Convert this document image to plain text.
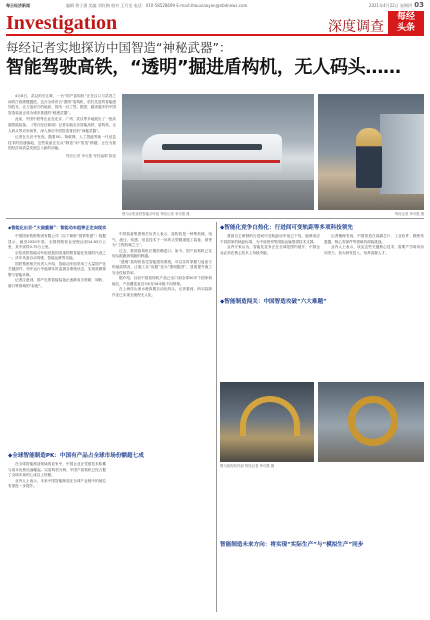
每日经济新闻	编辑 曾子建 美编 刘红梅 校对 王月龙 电话：010-58528699 E-mail:zhouxiaoyan@nbdnews.com	2021年4月22日 星期四 03
Investigation	深度调查
每经
头条
每经记者实地探访中国智造“神秘武器”：
智能驾驶高铁，“透明”掘进盾构机，无人码头……

4月8日，武汉的长江畔，一台“国产盾构机”正在汉口与武昌之间的江底缓慢掘进。这台全球首台“透明”盾构机，依托先进的智能感知技术，让刀盘前方的地质、管线一目了然。据悉，越来越多的中国智造装备正成为城市基建的“秘密武器”。

此前，中国中铁等企业在北京、广州、武汉等多地展出了一批高端智能装备。《每日经济新闻》记者实地走访智能高铁、盾构机、无人码头等应用场景，深入探访中国智造背后的“神秘武器”。

记者在走访中发现，随着5G、物联网、人工智能等新一代信息技术的加速落地，这些装备正在从“制造”向“智造”跨越，正在为我国经济高质量发展注入新的动能。

每经记者 李可愚 每经编辑 陈旭
图为京张高铁智能动车组 每经记者 李可愚 摄	每经记者 李可愚 摄
◆智能化出京·“大国重器”：智能动车组等正走向现实

中国国家铁路集团有限公司（以下简称“国铁集团”）数据显示，截至2020年底，全国铁路营业里程达到14.63万公里，其中高铁3.79万公里。

京张高铁智能动车组是我国高速铁路智能化发展的代表之一。该车具备自动驾驶、智能运维等功能。

国铁集团相关负责人介绍，智能动车组采用了大量国产化关键部件，列车运行中能够实时监测各系统状态，实现故障预警与智能诊断。

记者注意到，国产化的智能装备正逐渐成为铁路、城轨、港口等领域的“标配”。

◆全球智能制造PK：中国有产品占全球市场份额超七成

在全球智能制造领域的竞争中，中国企业正凭借技术积累与成本优势迅速崛起。以盾构机为例，中国产盾构机已经占据了全球市场的七成以上份额。

业内人士表示，未来中国智能制造在全球产业链中的地位有望进一步提升。

中铁装备集团相关负责人表示，盾构机是一种集机械、电气、液压、传感、信息技术于一体的大型隧道施工装备，被誉为“工程机械之王”。

过去，我国盾构机长期依赖进口；如今，国产盾构机已实现从跟跑到领跑的跨越。

“透明”盾构机依托智能感知系统，可以实时掌握刀盘前方的地质情况，让施工从“盲掘”变为“透明掘进”，显著提升施工安全性和效率。

据介绍，目前中国盾构机产品已出口到全球30多个国家和地区，产品覆盖直径3米至16米级不同规格。

在上海洋山深水港四期自动化码头，记者看到，码头装卸作业已实现全流程无人化。

◆智能化竞争白热化：行进间可变轨距等多项科技领先

我国自主研制的行进间可变轨距动车组已下线，能够适应不同国家的轨距标准，为中欧班列等国际运输提供技术支撑。

业内专家认为，智能化竞争正在全球范围内展开，中国企业必须在核心技术上持续突破。

记者梳理发现，中国智造在高端芯片、工业软件、精密传感器、核心零部件等领域仍面临挑战。

业内人士表示，攻克这些关键核心技术，需要产学研用协同发力，加大研发投入，培养高端人才。

◆智能制造闯关：中国智造攻破“六大难题”
图为盾构机内部 每经记者 李可愚 摄
智能制造未来方向：将实现“实际生产”与“模拟生产”同步
